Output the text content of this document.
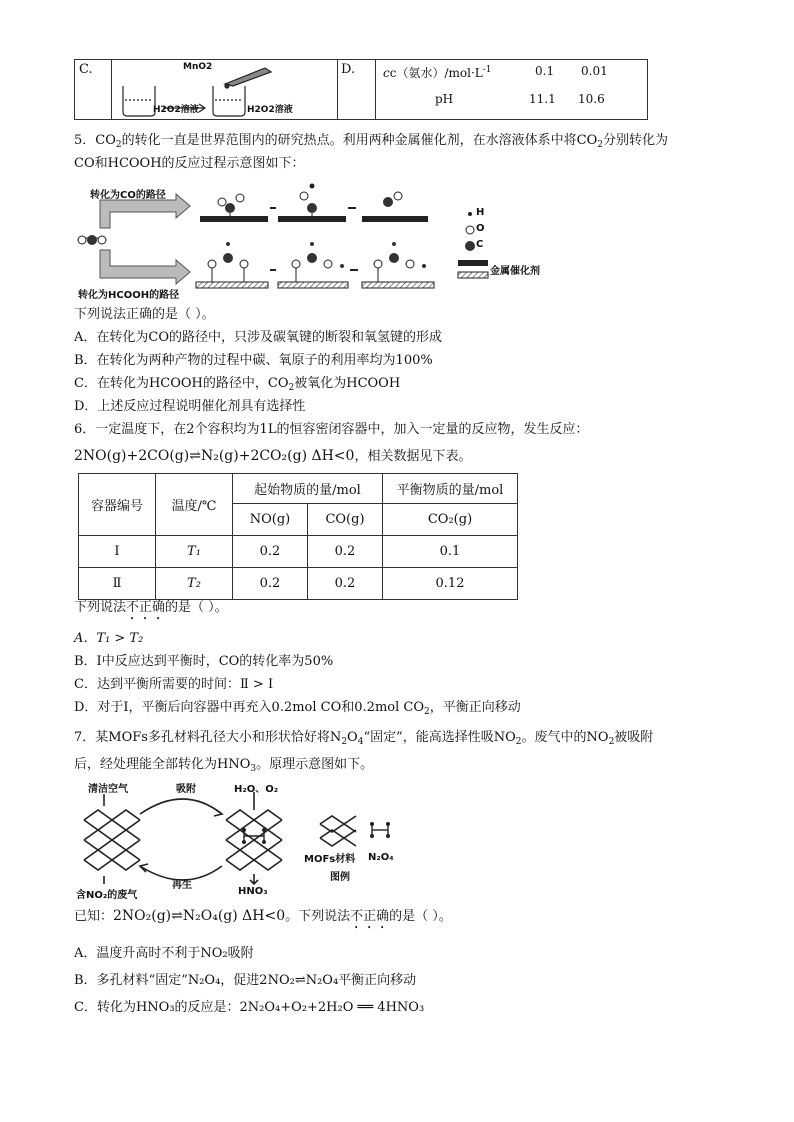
C.	D.
MnO2
H2O2溶液	H2O2溶液
cc（氨水）$/mol\cdot L^{-1}$	0.1 0.01
pH	11.1 10.6
5．$CO_2$的转化一直是世界范围内的研究热点。利用两种金属催化剂，在水溶液体系中将$CO_2$分别转化为
CO和HCOOH的反应过程示意图如下：
转化为CO的路径
转化为HCOOH的路径
H
O
C
金属催化剂
下列说法正确的是（ ）。
A．在转化为CO的路径中，只涉及碳氧键的断裂和氧氢键的形成
B．在转化为两种产物的过程中碳、氧原子的利用率均为100%
C．在转化为HCOOH的路径中，$CO_2$被氧化为HCOOH
D．上述反应过程说明催化剂具有选择性
6．一定温度下，在2个容积均为1L的恒容密闭容器中，加入一定量的反应物，发生反应：
2NO(g)+2CO(g)⇌N₂(g)+2CO₂(g) ΔH<0，相关数据见下表。
容器编号	温度/℃	起始物质的量/mol		平衡物质的量/mol
		NO(g)	CO(g)	CO₂(g)
Ⅰ	T₁	0.2	0.2	0.1
Ⅱ	T₂	0.2	0.2	0.12
下列说法不正确的是（ ）。
A．T₁ > T₂
B．Ⅰ中反应达到平衡时，CO的转化率为50%
C．达到平衡所需要的时间：Ⅱ > Ⅰ
D．对于Ⅰ，平衡后向容器中再充入0.2mol CO和0.2mol $CO_2$，平衡正向移动
7．某MOFs多孔材料孔径大小和形状恰好将$N_2O_4“$固定”，能高选择性吸$NO_2$。废气中的$NO_2$被吸附
后，经处理能全部转化为$HNO_3$。原理示意图如下。
清洁空气	吸附	H₂O、O₂
含NO₂的废气
再生
HNO₃
MOFs材料 N₂O₄
图例
已知：2NO₂(g)⇌N₂O₄(g) ΔH<0。下列说法不正确的是（ ）。
A．温度升高时不利于NO₂吸附
B．多孔材料“固定”N₂O₄，促进2NO₂⇌N₂O₄平衡正向移动
C．转化为HNO₃的反应是：2N₂O₄+O₂+2H₂O ══ 4HNO₃
